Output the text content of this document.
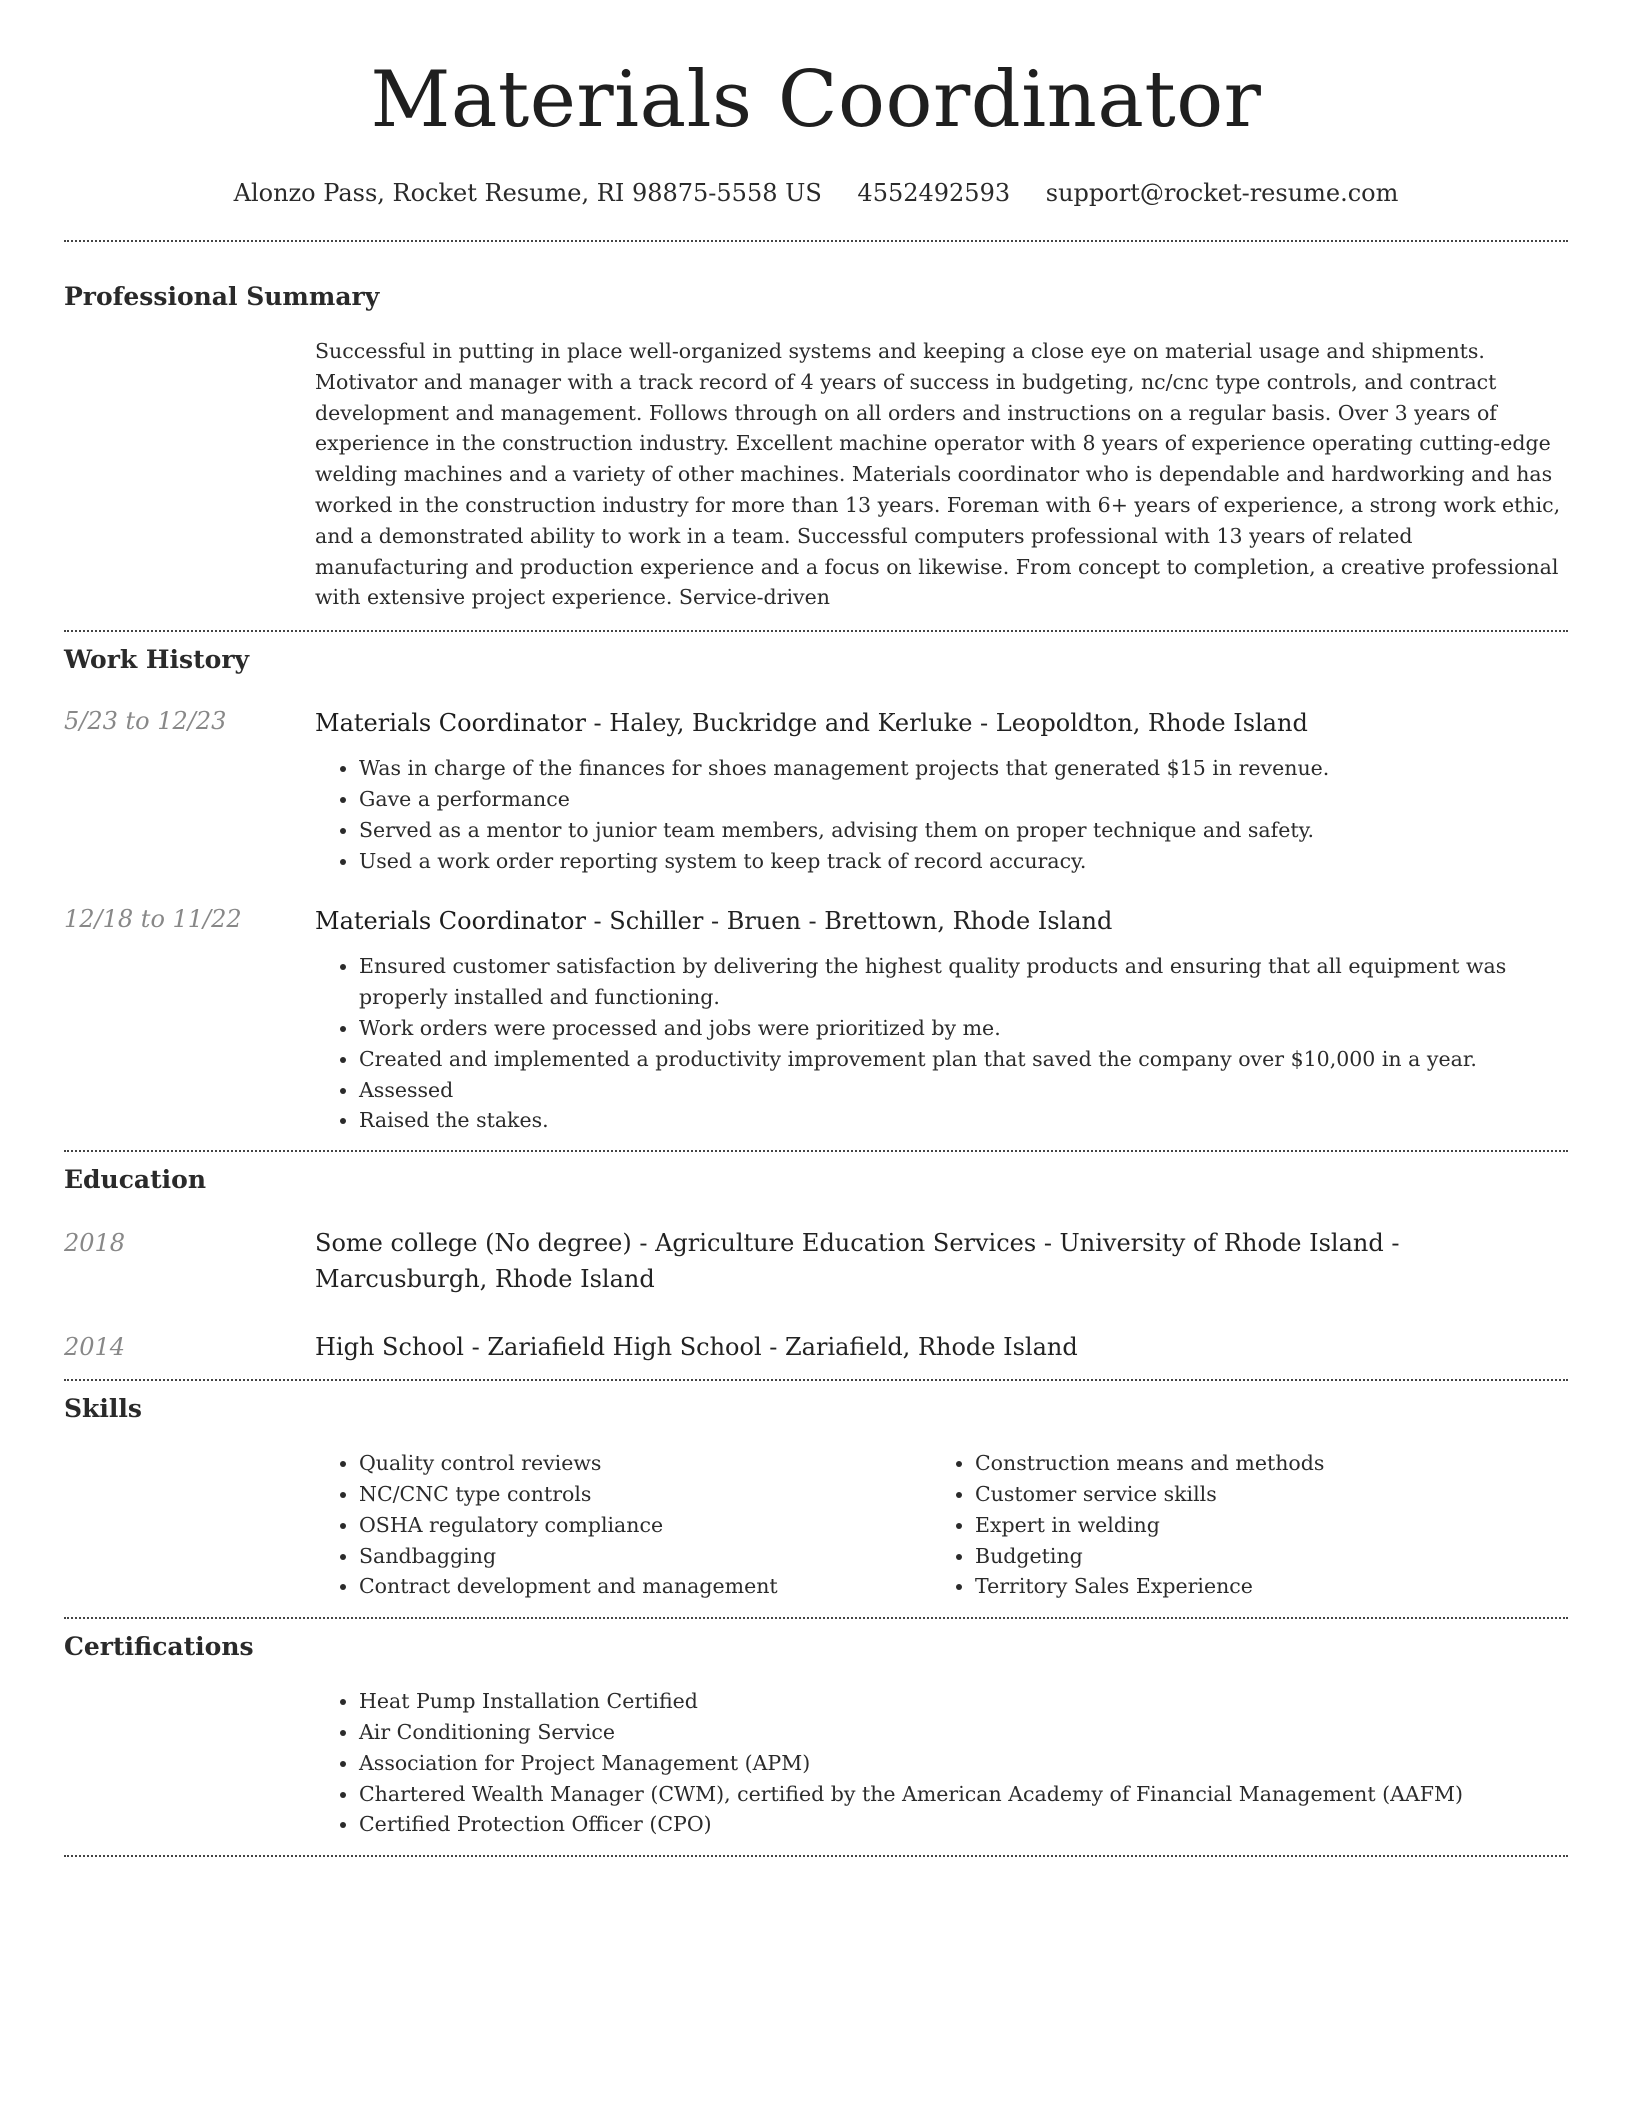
Materials Coordinator
Alonzo Pass, Rocket Resume, RI 98875-5558 US 4552492593 support@rocket-resume.com
Professional Summary
Successful in putting in place well-organized systems and keeping a close eye on material usage and shipments. Motivator and manager with a track record of 4 years of success in budgeting, nc/cnc type controls, and contract development and management. Follows through on all orders and instructions on a regular basis. Over 3 years of experience in the construction industry. Excellent machine operator with 8 years of experience operating cutting-edge welding machines and a variety of other machines. Materials coordinator who is dependable and hardworking and has worked in the construction industry for more than 13 years. Foreman with 6+ years of experience, a strong work ethic, and a demonstrated ability to work in a team. Successful computers professional with 13 years of related manufacturing and production experience and a focus on likewise. From concept to completion, a creative professional with extensive project experience. Service-driven
Work History
5/23 to 12/23	Materials Coordinator - Haley, Buckridge and Kerluke - Leopoldton, Rhode Island
• Was in charge of the finances for shoes management projects that generated $15 in revenue.
• Gave a performance
• Served as a mentor to junior team members, advising them on proper technique and safety.
• Used a work order reporting system to keep track of record accuracy.
12/18 to 11/22	Materials Coordinator - Schiller - Bruen - Brettown, Rhode Island
• Ensured customer satisfaction by delivering the highest quality products and ensuring that all equipment was properly installed and functioning.
• Work orders were processed and jobs were prioritized by me.
• Created and implemented a productivity improvement plan that saved the company over $10,000 in a year.
• Assessed
• Raised the stakes.
Education
2018	Some college (No degree) - Agriculture Education Services - University of Rhode Island - Marcusburgh, Rhode Island
2014	High School - Zariafield High School - Zariafield, Rhode Island
Skills
• Quality control reviews
• NC/CNC type controls
• OSHA regulatory compliance
• Sandbagging
• Contract development and management
• Construction means and methods
• Customer service skills
• Expert in welding
• Budgeting
• Territory Sales Experience
Certifications
• Heat Pump Installation Certified
• Air Conditioning Service
• Association for Project Management (APM)
• Chartered Wealth Manager (CWM), certified by the American Academy of Financial Management (AAFM)
• Certified Protection Officer (CPO)
